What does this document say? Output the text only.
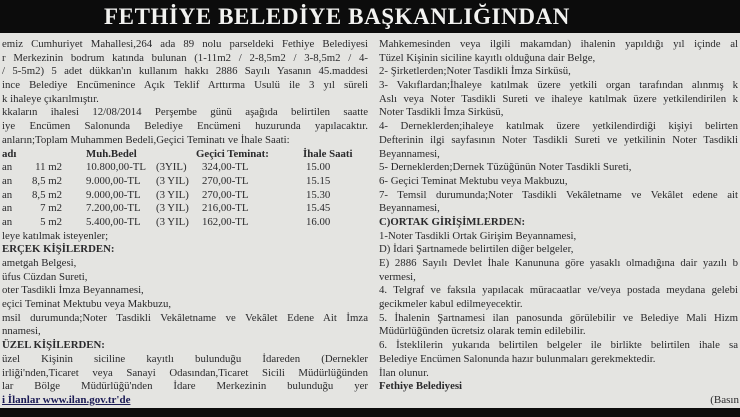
FETHİYE BELEDİYE BAŞKANLIĞINDAN
emiz Cumhuriyet Mahallesi,264 ada 89 nolu parseldeki Fethiye Belediyesi
r Merkezinin bodrum katında bulunan (1-11m2 / 2-8,5m2 / 3-8,5m2 / 4-
/ 5-5m2) 5 adet dükkan'ın kullanım hakkı 2886 Sayılı Yasanın 45.maddesi
ince Belediye Encümenince Açık Teklif Arttırma Usulü ile 3 yıl süreli
k ihaleye çıkarılmıştır.
kkaların ihalesi 12/08/2014 Perşembe günü aşağıda belirtilen saatte
iye Encümen Salonunda Belediye Encümeni huzurunda yapılacaktır.
anların;Toplam Muhammen Bedeli,Geçici Teminatı ve İhale Saati:
adı	Muh.Bedel	Geçici Teminat:	İhale Saati
an	11 m2 10.800,00-TL (3YIL)	324,00-TL	15.00
an	8,5 m2 9.000,00-TL	(3 YIL)	270,00-TL	15.15
an	8,5 m2 9.000,00-TL	(3 YIL)	270,00-TL	15.30
an	7 m2 7.200,00-TL	(3 YIL)	216,00-TL	15.45
an	5 m2 5.400,00-TL	(3 YIL)	162,00-TL	16.00
leye katılmak isteyenler;
ERÇEK KİŞİLERDEN:
ametgah Belgesi,
üfus Cüzdan Sureti,
oter Tasdikli İmza Beyannamesi,
eçici Teminat Mektubu veya Makbuzu,
msil durumunda;Noter Tasdikli Vekâletname ve Vekâlet Edene Ait İmza
nnamesi,
ÜZEL KİŞİLERDEN:
üzel Kişinin siciline kayıtlı bulunduğu İdareden (Dernekler
irliği'nden,Ticaret veya Sanayi Odasından,Ticaret Sicili Müdürlüğünden
lar Bölge Müdürlüğü'nden İdare Merkezinin bulunduğu yer
i İlanlar www.ilan.gov.tr'de
Mahkemesinden veya ilgili makamdan) ihalenin yapıldığı yıl içinde al
Tüzel Kişinin siciline kayıtlı olduğuna dair Belge,
2- Şirketlerden;Noter Tasdikli İmza Sirküsü,
3- Vakıflardan;İhaleye katılmak üzere yetkili organ tarafından alınmış k
Aslı veya Noter Tasdikli Sureti ve ihaleye katılmak üzere yetkilendirilen k
Noter Tasdikli İmza Sirküsü,
4- Derneklerden;ihaleye katılmak üzere yetkilendirdiği kişiyi belirten
Defterinin ilgi sayfasının Noter Tasdikli Sureti ve yetkilinin Noter Tasdikli
Beyannamesi,
5- Derneklerden;Dernek Tüzüğünün Noter Tasdikli Sureti,
6- Geçici Teminat Mektubu veya Makbuzu,
7- Temsil durumunda;Noter Tasdikli Vekâletname ve Vekâlet edene ait
Beyannamesi,
C)ORTAK GİRİŞİMLERDEN:
1-Noter Tasdikli Ortak Girişim Beyannamesi,
D) İdari Şartnamede belirtilen diğer belgeler,
E) 2886 Sayılı Devlet İhale Kanununa göre yasaklı olmadığına dair yazılı b
vermesi,
4. Telgraf ve faksıla yapılacak müracaatlar ve/veya postada meydana gelebi
gecikmeler kabul edilmeyecektir.
5. İhalenin Şartnamesi ilan panosunda görülebilir ve Belediye Mali Hizm
Müdürlüğünden ücretsiz olarak temin edilebilir.
6. İsteklilerin yukarıda belirtilen belgeler ile birlikte belirtilen ihale sa
Belediye Encümen Salonunda hazır bulunmaları gerekmektedir.
İlan olunur.
Fethiye Belediyesi
(Basın
